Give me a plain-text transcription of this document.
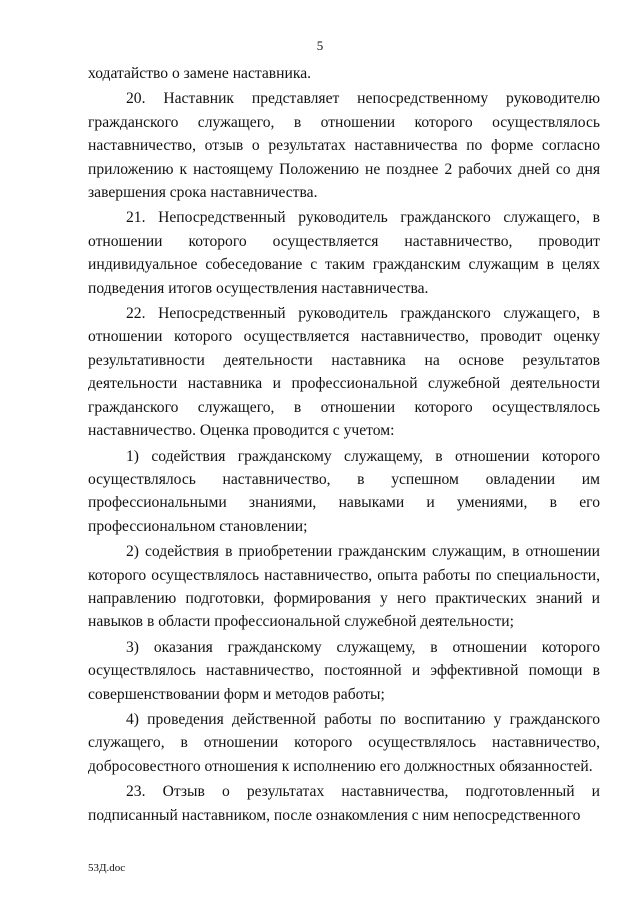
5

ходатайство о замене наставника.

20. Наставник представляет непосредственному руководителю гражданского служащего, в отношении которого осуществлялось наставничество, отзыв о результатах наставничества по форме согласно приложению к настоящему Положению не позднее 2 рабочих дней со дня завершения срока наставничества.

21. Непосредственный руководитель гражданского служащего, в отношении которого осуществляется наставничество, проводит индивидуальное собеседование с таким гражданским служащим в целях подведения итогов осуществления наставничества.

22. Непосредственный руководитель гражданского служащего, в отношении которого осуществляется наставничество, проводит оценку результативности деятельности наставника на основе результатов деятельности наставника и профессиональной служебной деятельности гражданского служащего, в отношении которого осуществлялось наставничество. Оценка проводится с учетом:

1) содействия гражданскому служащему, в отношении которого осуществлялось наставничество, в успешном овладении им профессиональными знаниями, навыками и умениями, в его профессиональном становлении;

2) содействия в приобретении гражданским служащим, в отношении которого осуществлялось наставничество, опыта работы по специальности, направлению подготовки, формирования у него практических знаний и навыков в области профессиональной служебной деятельности;

3) оказания гражданскому служащему, в отношении которого осуществлялось наставничество, постоянной и эффективной помощи в совершенствовании форм и методов работы;

4) проведения действенной работы по воспитанию у гражданского служащего, в отношении которого осуществлялось наставничество, добросовестного отношения к исполнению его должностных обязанностей.

23. Отзыв о результатах наставничества, подготовленный и подписанный наставником, после ознакомления с ним непосредственного

53Д.doc
